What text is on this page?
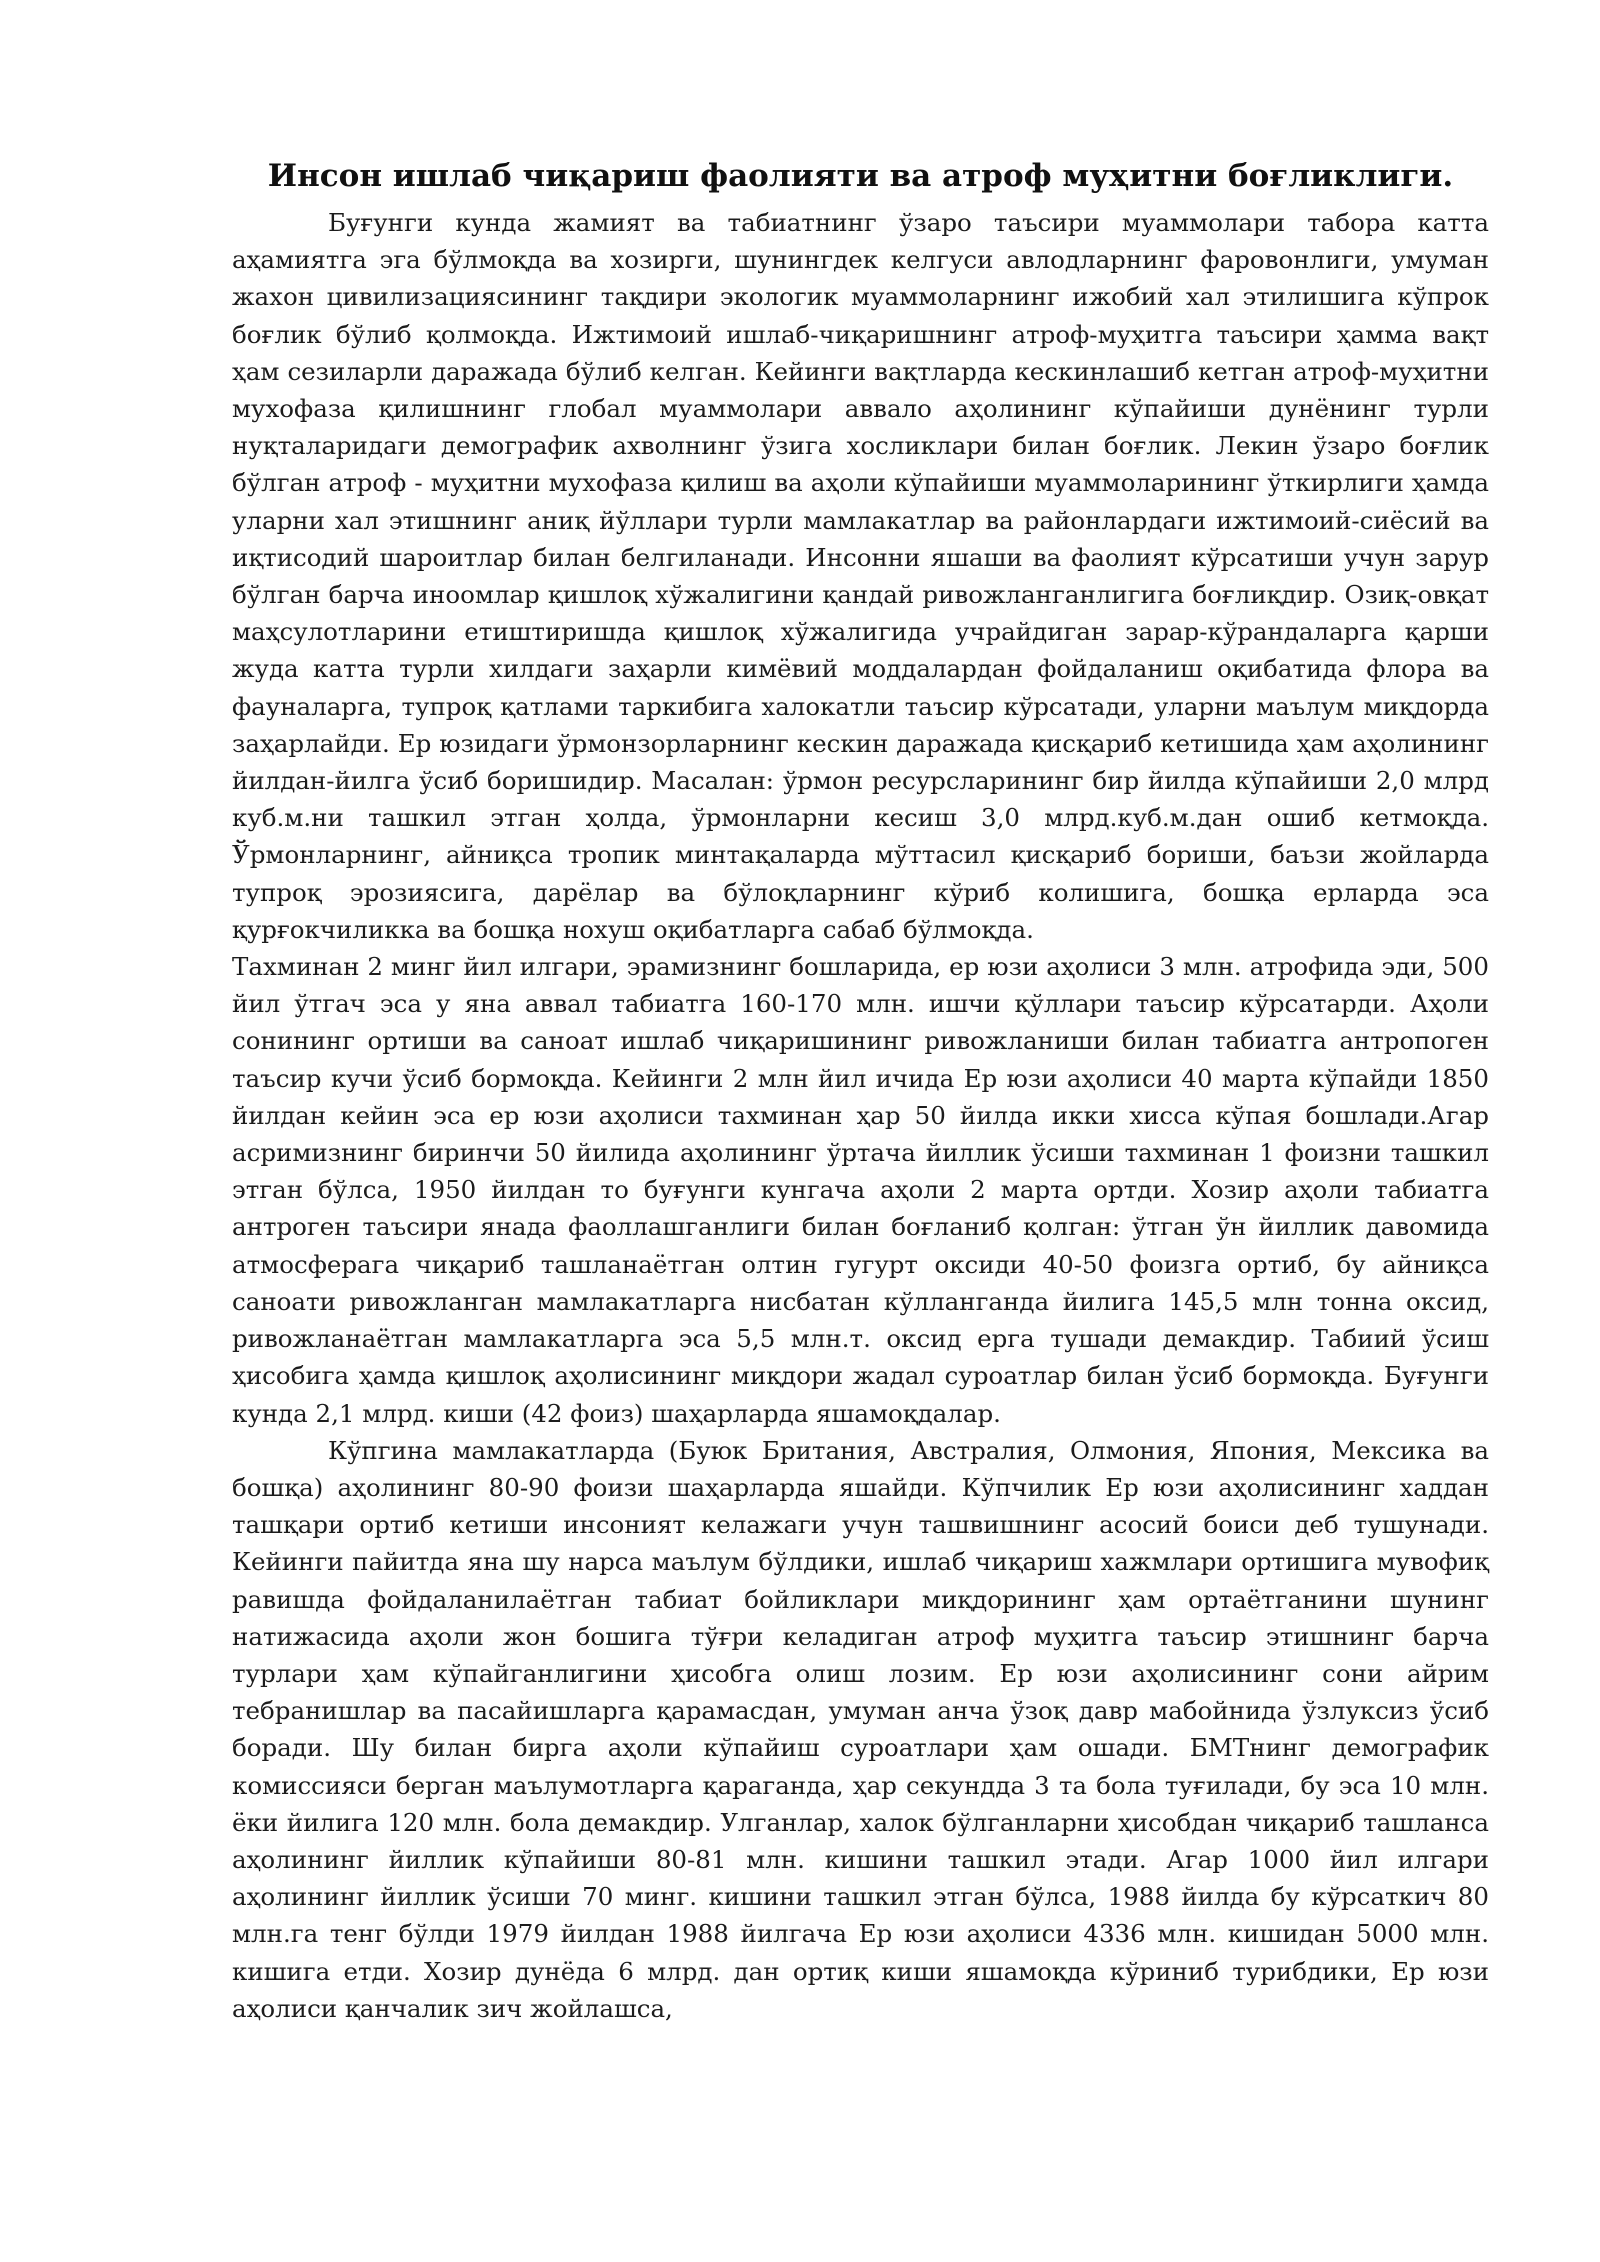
Инсон ишлаб чиқариш фаолияти ва атроф муҳитни боғликлиги.

Буғунги кунда жамият ва табиатнинг ўзаро таъсири муаммолари табора катта аҳамиятга эга бўлмоқда ва хозирги, шунингдек келгуси авлодларнинг фаровонлиги, умуман жахон цивилизациясининг тақдири экологик муаммоларнинг ижобий хал этилишига кўпрок боғлик бўлиб қолмоқда. Ижтимоий ишлаб-чиқаришнинг атроф-муҳитга таъсири ҳамма вақт ҳам сезиларли даражада бўлиб келган. Кейинги вақтларда кескинлашиб кетган атроф-муҳитни мухофаза қилишнинг глобал муаммолари аввало аҳолининг кўпайиши дунёнинг турли нуқталаридаги демографик ахволнинг ўзига хосликлари билан боғлик. Лекин ўзаро боғлик бўлган атроф - муҳитни мухофаза қилиш ва аҳоли кўпайиши муаммоларининг ўткирлиги ҳамда уларни хал этишнинг аниқ йўллари турли мамлакатлар ва районлардаги ижтимоий-сиёсий ва иқтисодий шароитлар билан белгиланади. Инсонни яшаши ва фаолият кўрсатиши учун зарур бўлган барча иноомлар қишлоқ хўжалигини қандай ривожланганлигига боғлиқдир. Озиқ-овқат маҳсулотларини етиштиришда қишлоқ хўжалигида учрайдиган зарар-кўрандаларга қарши жуда катта турли хилдаги заҳарли кимёвий моддалардан фойдаланиш оқибатида флора ва фауналарга, тупроқ қатлами таркибига халокатли таъсир кўрсатади, уларни маълум миқдорда заҳарлайди. Ер юзидаги ўрмонзорларнинг кескин даражада қисқариб кетишида ҳам аҳолининг йилдан-йилга ўсиб боришидир. Масалан: ўрмон ресурсларининг бир йилда кўпайиши 2,0 млрд куб.м.ни ташкил этган ҳолда, ўрмонларни кесиш 3,0 млрд.куб.м.дан ошиб кетмоқда. Ўрмонларнинг, айниқса тропик минтақаларда мўттасил қисқариб бориши, баъзи жойларда тупроқ эрозиясига, дарёлар ва бўлоқларнинг кўриб колишига, бошқа ерларда эса қурғокчиликка ва бошқа нохуш оқибатларга сабаб бўлмоқда.

Тахминан 2 минг йил илгари, эрамизнинг бошларида, ер юзи аҳолиси 3 млн. атрофида эди, 500 йил ўтгач эса у яна аввал табиатга 160-170 млн. ишчи қўллари таъсир кўрсатарди. Аҳоли сонининг ортиши ва саноат ишлаб чиқаришининг ривожланиши билан табиатга антропоген таъсир кучи ўсиб бормоқда. Кейинги 2 млн йил ичида Ер юзи аҳолиси 40 марта кўпайди 1850 йилдан кейин эса ер юзи аҳолиси тахминан ҳар 50 йилда икки хисса кўпая бошлади.Агар асримизнинг биринчи 50 йилида аҳолининг ўртача йиллик ўсиши тахминан 1 фоизни ташкил этган бўлса, 1950 йилдан то буғунги кунгача аҳоли 2 марта ортди. Хозир аҳоли табиатга антроген таъсири янада фаоллашганлиги билан боғланиб қолган: ўтган ўн йиллик давомида атмосферага чиқариб ташланаётган олтин гугурт оксиди 40-50 фоизга ортиб, бу айниқса саноати ривожланган мамлакатларга нисбатан кўлланганда йилига 145,5 млн тонна оксид, ривожланаётган мамлакатларга эса 5,5 млн.т. оксид ерга тушади демакдир. Табиий ўсиш ҳисобига ҳамда қишлоқ аҳолисининг миқдори жадал суроатлар билан ўсиб бормоқда. Буғунги кунда 2,1 млрд. киши (42 фоиз) шаҳарларда яшамоқдалар.

Кўпгина мамлакатларда (Буюк Британия, Австралия, Олмония, Япония, Мексика ва бошқа) аҳолининг 80-90 фоизи шаҳарларда яшайди. Кўпчилик Ер юзи аҳолисининг хаддан ташқари ортиб кетиши инсоният келажаги учун ташвишнинг асосий боиси деб тушунади. Кейинги пайитда яна шу нарса маълум бўлдики, ишлаб чиқариш хажмлари ортишига мувофиқ равишда фойдаланилаётган табиат бойликлари миқдорининг ҳам ортаётганини шунинг натижасида аҳоли жон бошига тўғри келадиган атроф муҳитга таъсир этишнинг барча турлари ҳам кўпайганлигини ҳисобга олиш лозим. Ер юзи аҳолисининг сони айрим тебранишлар ва пасайишларга қарамасдан, умуман анча ўзоқ давр мабойнида ўзлуксиз ўсиб боради. Шу билан бирга аҳоли кўпайиш суроатлари ҳам ошади. БМТнинг демографик комиссияси берган маълумотларга қараганда, ҳар секундда 3 та бола туғилади, бу эса 10 млн. ёки йилига 120 млн. бола демакдир. Улганлар, халок бўлганларни ҳисобдан чиқариб ташланса аҳолининг йиллик кўпайиши 80-81 млн. кишини ташкил этади. Агар 1000 йил илгари аҳолининг йиллик ўсиши 70 минг. кишини ташкил этган бўлса, 1988 йилда бу кўрсаткич 80 млн.га тенг бўлди 1979 йилдан 1988 йилгача Ер юзи аҳолиси 4336 млн. кишидан 5000 млн. кишига етди. Хозир дунёда 6 млрд. дан ортиқ киши яшамоқда кўриниб турибдики, Ер юзи аҳолиси қанчалик зич жойлашса,
